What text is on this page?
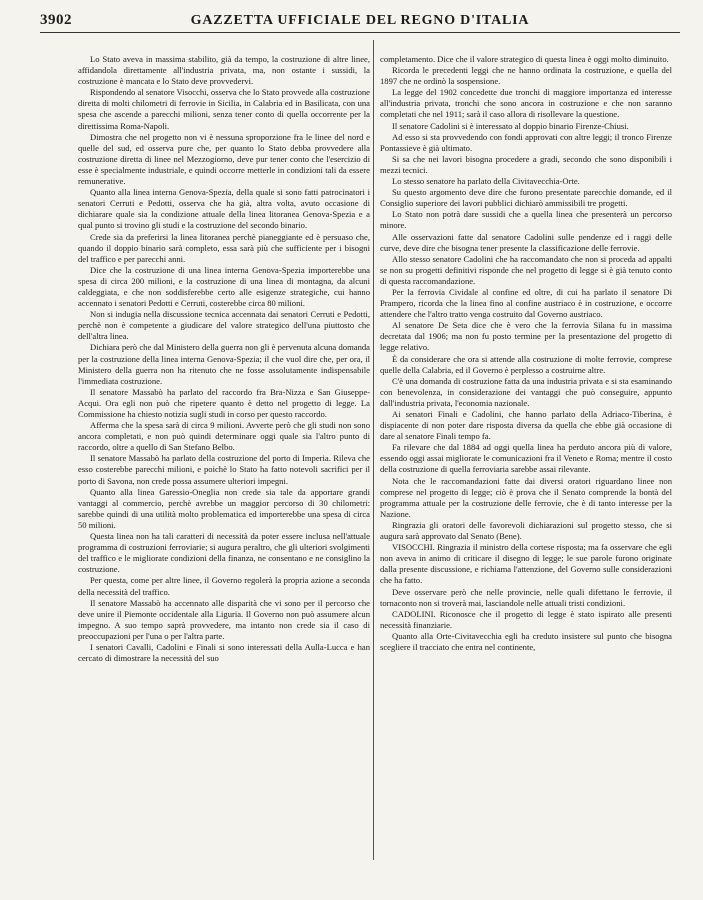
3902	GAZZETTA UFFICIALE DEL REGNO D'ITALIA

Lo Stato aveva in massima stabilito, già da tempo, la costruzione di altre linee, affidandola direttamente all'industria privata, ma, non ostante i sussidi, la costruzione è mancata e lo Stato deve provvedervi.

Rispondendo al senatore Visocchi, osserva che lo Stato provvede alla costruzione diretta di molti chilometri di ferrovie in Sicilia, in Calabria ed in Basilicata, con una spesa che ascende a parecchi milioni, senza tener conto di quella occorrente per la direttissima Roma-Napoli.

Dimostra che nel progetto non vi è nessuna sproporzione fra le linee del nord e quelle del sud, ed osserva pure che, per quanto lo Stato debba provvedere alla costruzione diretta di linee nel Mezzogiorno, deve pur tener conto che l'esercizio di esse è specialmente industriale, e quindi occorre metterle in condizioni tali da essere remunerative.

Quanto alla linea interna Genova-Spezia, della quale si sono fatti patrocinatori i senatori Cerruti e Pedotti, osserva che ha già, altra volta, avuto occasione di dichiarare quale sia la condizione attuale della linea litoranea Genova-Spezia e a qual punto si trovino gli studi e la costruzione del secondo binario.

Crede sia da preferirsi la linea litoranea perchè pianeggiante ed è persuaso che, quando il doppio binario sarà completo, essa sarà più che sufficiente per i bisogni del traffico e per parecchi anni.

Dice che la costruzione di una linea interna Genova-Spezia importerebbe una spesa di circa 200 milioni, e la costruzione di una linea di montagna, da alcuni caldeggiata, e che non soddisferebbe certo alle esigenze strategiche, cui hanno accennato i senatori Pedotti e Cerruti, costerebbe circa 80 milioni.

Non si indugia nella discussione tecnica accennata dai senatori Cerruti e Pedotti, perchè non è competente a giudicare del valore strategico dell'una piuttosto che dell'altra linea.

Dichiara però che dal Ministero della guerra non gli è pervenuta alcuna domanda per la costruzione della linea interna Genova-Spezia; il che vuol dire che, per ora, il Ministero della guerra non ha ritenuto che ne fosse assolutamente indispensabile l'immediata costruzione.

Il senatore Massabò ha parlato del raccordo fra Bra-Nizza e San Giuseppe-Acqui. Ora egli non può che ripetere quanto è detto nel progetto di legge. La Commissione ha chiesto notizia sugli studi in corso per questo raccordo.

Afferma che la spesa sarà di circa 9 milioni. Avverte però che gli studi non sono ancora completati, e non può quindi determinare oggi quale sia l'altro punto di raccordo, oltre a quello di San Stefano Belbo.

Il senatore Massabò ha parlato della costruzione del porto di Imperia. Rileva che esso costerebbe parecchi milioni, e poichè lo Stato ha fatto notevoli sacrifici per il porto di Savona, non crede possa assumere ulteriori impegni.

Quanto alla linea Garessio-Oneglia non crede sia tale da apportare grandi vantaggi al commercio, perchè avrebbe un maggior percorso di 30 chilometri: sarebbe quindi di una utilità molto problematica ed importerebbe una spesa di circa 50 milioni.

Questa linea non ha tali caratteri di necessità da poter essere inclusa nell'attuale programma di costruzioni ferroviarie; si augura peraltro, che gli ulteriori svolgimenti del traffico e le migliorate condizioni della finanza, ne consentano e ne consiglino la costruzione.

Per questa, come per altre linee, il Governo regolerà la propria azione a seconda della necessità del traffico.

Il senatore Massabò ha accennato alle disparità che vi sono per il percorso che deve unire il Piemonte occidentale alla Liguria. Il Governo non può assumere alcun impegno. A suo tempo saprà provvedere, ma intanto non crede sia il caso di preoccupazioni per l'una o per l'altra parte.

I senatori Cavalli, Cadolini e Finali si sono interessati della Aulla-Lucca e han cercato di dimostrare la necessità del suo

completamento. Dice che il valore strategico di questa linea è oggi molto diminuito.

Ricorda le precedenti leggi che ne hanno ordinata la costruzione, e quella del 1897 che ne ordinò la sospensione.

La legge del 1902 concedette due tronchi di maggiore importanza ed interesse all'industria privata, tronchi che sono ancora in costruzione e che non saranno completati che nel 1911; sarà il caso allora di risollevare la questione.

Il senatore Cadolini si è interessato al doppio binario Firenze-Chiusi.

Ad esso si sta provvedendo con fondi approvati con altre leggi; il tronco Firenze Pontassieve è già ultimato.

Si sa che nei lavori bisogna procedere a gradi, secondo che sono disponibili i mezzi tecnici.

Lo stesso senatore ha parlato della Civitavecchia-Orte.

Su questo argomento deve dire che furono presentate parecchie domande, ed il Consiglio superiore dei lavori pubblici dichiarò ammissibili tre progetti.

Lo Stato non potrà dare sussidi che a quella linea che presenterà un percorso minore.

Alle osservazioni fatte dal senatore Cadolini sulle pendenze ed i raggi delle curve, deve dire che bisogna tener presente la classificazione delle ferrovie.

Allo stesso senatore Cadolini che ha raccomandato che non si proceda ad appalti se non su progetti definitivi risponde che nel progetto di legge si è già tenuto conto di questa raccomandazione.

Per la ferrovia Cividale al confine ed oltre, di cui ha parlato il senatore Di Prampero, ricorda che la linea fino al confine austriaco è in costruzione, e occorre attendere che l'altro tratto venga costruito dal Governo austriaco.

Al senatore De Seta dice che è vero che la ferrovia Silana fu in massima decretata dal 1906; ma non fu posto termine per la presentazione del progetto di legge relativo.

È da considerare che ora si attende alla costruzione di molte ferrovie, comprese quelle della Calabria, ed il Governo è perplesso a costruirne altre.

C'è una domanda di costruzione fatta da una industria privata e si sta esaminando con benevolenza, in considerazione dei vantaggi che può conseguire, appunto dall'industria privata, l'economia nazionale.

Ai senatori Finali e Cadolini, che hanno parlato della Adriaco-Tiberina, è dispiacente di non poter dare risposta diversa da quella che ebbe già occasione di dare al senatore Finali tempo fa.

Fa rilevare che dal 1884 ad oggi quella linea ha perduto ancora più di valore, essendo oggi assai migliorate le comunicazioni fra il Veneto e Roma; mentre il costo della costruzione di quella ferroviaria sarebbe assai rilevante.

Nota che le raccomandazioni fatte dai diversi oratori riguardano linee non comprese nel progetto di legge; ciò è prova che il Senato comprende la bontà del programma attuale per la costruzione delle ferrovie, che è di tanto interesse per la Nazione.

Ringrazia gli oratori delle favorevoli dichiarazioni sul progetto stesso, che si augura sarà approvato dal Senato (Bene).

VISOCCHI. Ringrazia il ministro della cortese risposta; ma fa osservare che egli non aveva in animo di criticare il disegno di legge; le sue parole furono originate dalla presente discussione, e richiama l'attenzione, del Governo sulle considerazioni che ha fatto.

Deve osservare però che nelle provincie, nelle quali difettano le ferrovie, il tornaconto non si troverà mai, lasciandole nelle attuali tristi condizioni.

CADOLINI. Riconosce che il progetto di legge è stato ispirato alle presenti necessità finanziarie.

Quanto alla Orte-Civitavecchia egli ha creduto insistere sul punto che bisogna scegliere il tracciato che entra nel continente,
